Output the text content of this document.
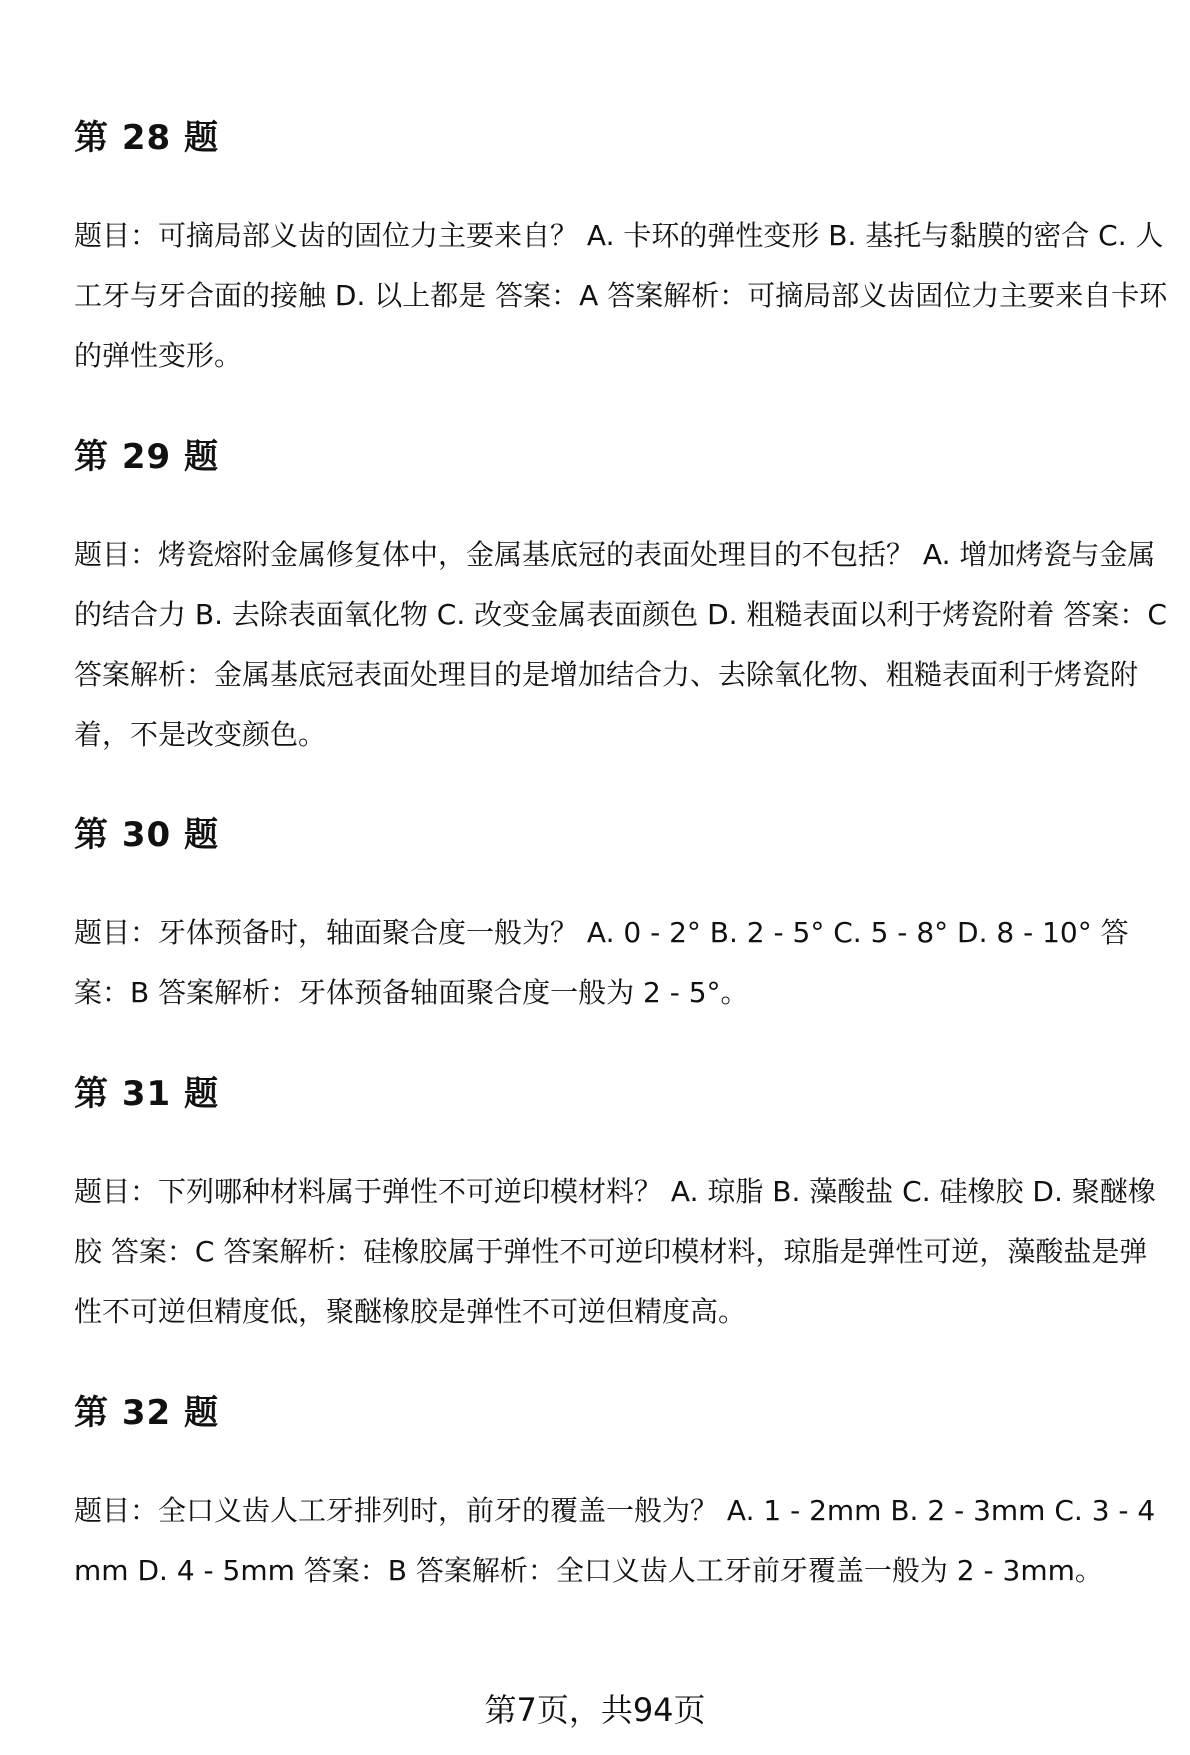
第 28 题

题目：可摘局部义齿的固位力主要来自？ A. 卡环的弹性变形 B. 基托与黏膜的密合 C. 人工牙与牙合面的接触 D. 以上都是 答案：A 答案解析：可摘局部义齿固位力主要来自卡环的弹性变形。

第 29 题

题目：烤瓷熔附金属修复体中，金属基底冠的表面处理目的不包括？ A. 增加烤瓷与金属的结合力 B. 去除表面氧化物 C. 改变金属表面颜色 D. 粗糙表面以利于烤瓷附着 答案：C 答案解析：金属基底冠表面处理目的是增加结合力、去除氧化物、粗糙表面利于烤瓷附着，不是改变颜色。

第 30 题

题目：牙体预备时，轴面聚合度一般为？ A. 0 - 2° B. 2 - 5° C. 5 - 8° D. 8 - 10° 答案：B 答案解析：牙体预备轴面聚合度一般为 2 - 5°。

第 31 题

题目：下列哪种材料属于弹性不可逆印模材料？ A. 琼脂 B. 藻酸盐 C. 硅橡胶 D. 聚醚橡胶 答案：C 答案解析：硅橡胶属于弹性不可逆印模材料，琼脂是弹性可逆，藻酸盐是弹性不可逆但精度低，聚醚橡胶是弹性不可逆但精度高。

第 32 题

题目：全口义齿人工牙排列时，前牙的覆盖一般为？ A. 1 - 2mm B. 2 - 3mm C. 3 - 4mm D. 4 - 5mm 答案：B 答案解析：全口义齿人工牙前牙覆盖一般为 2 - 3mm。

第7页，共94页
